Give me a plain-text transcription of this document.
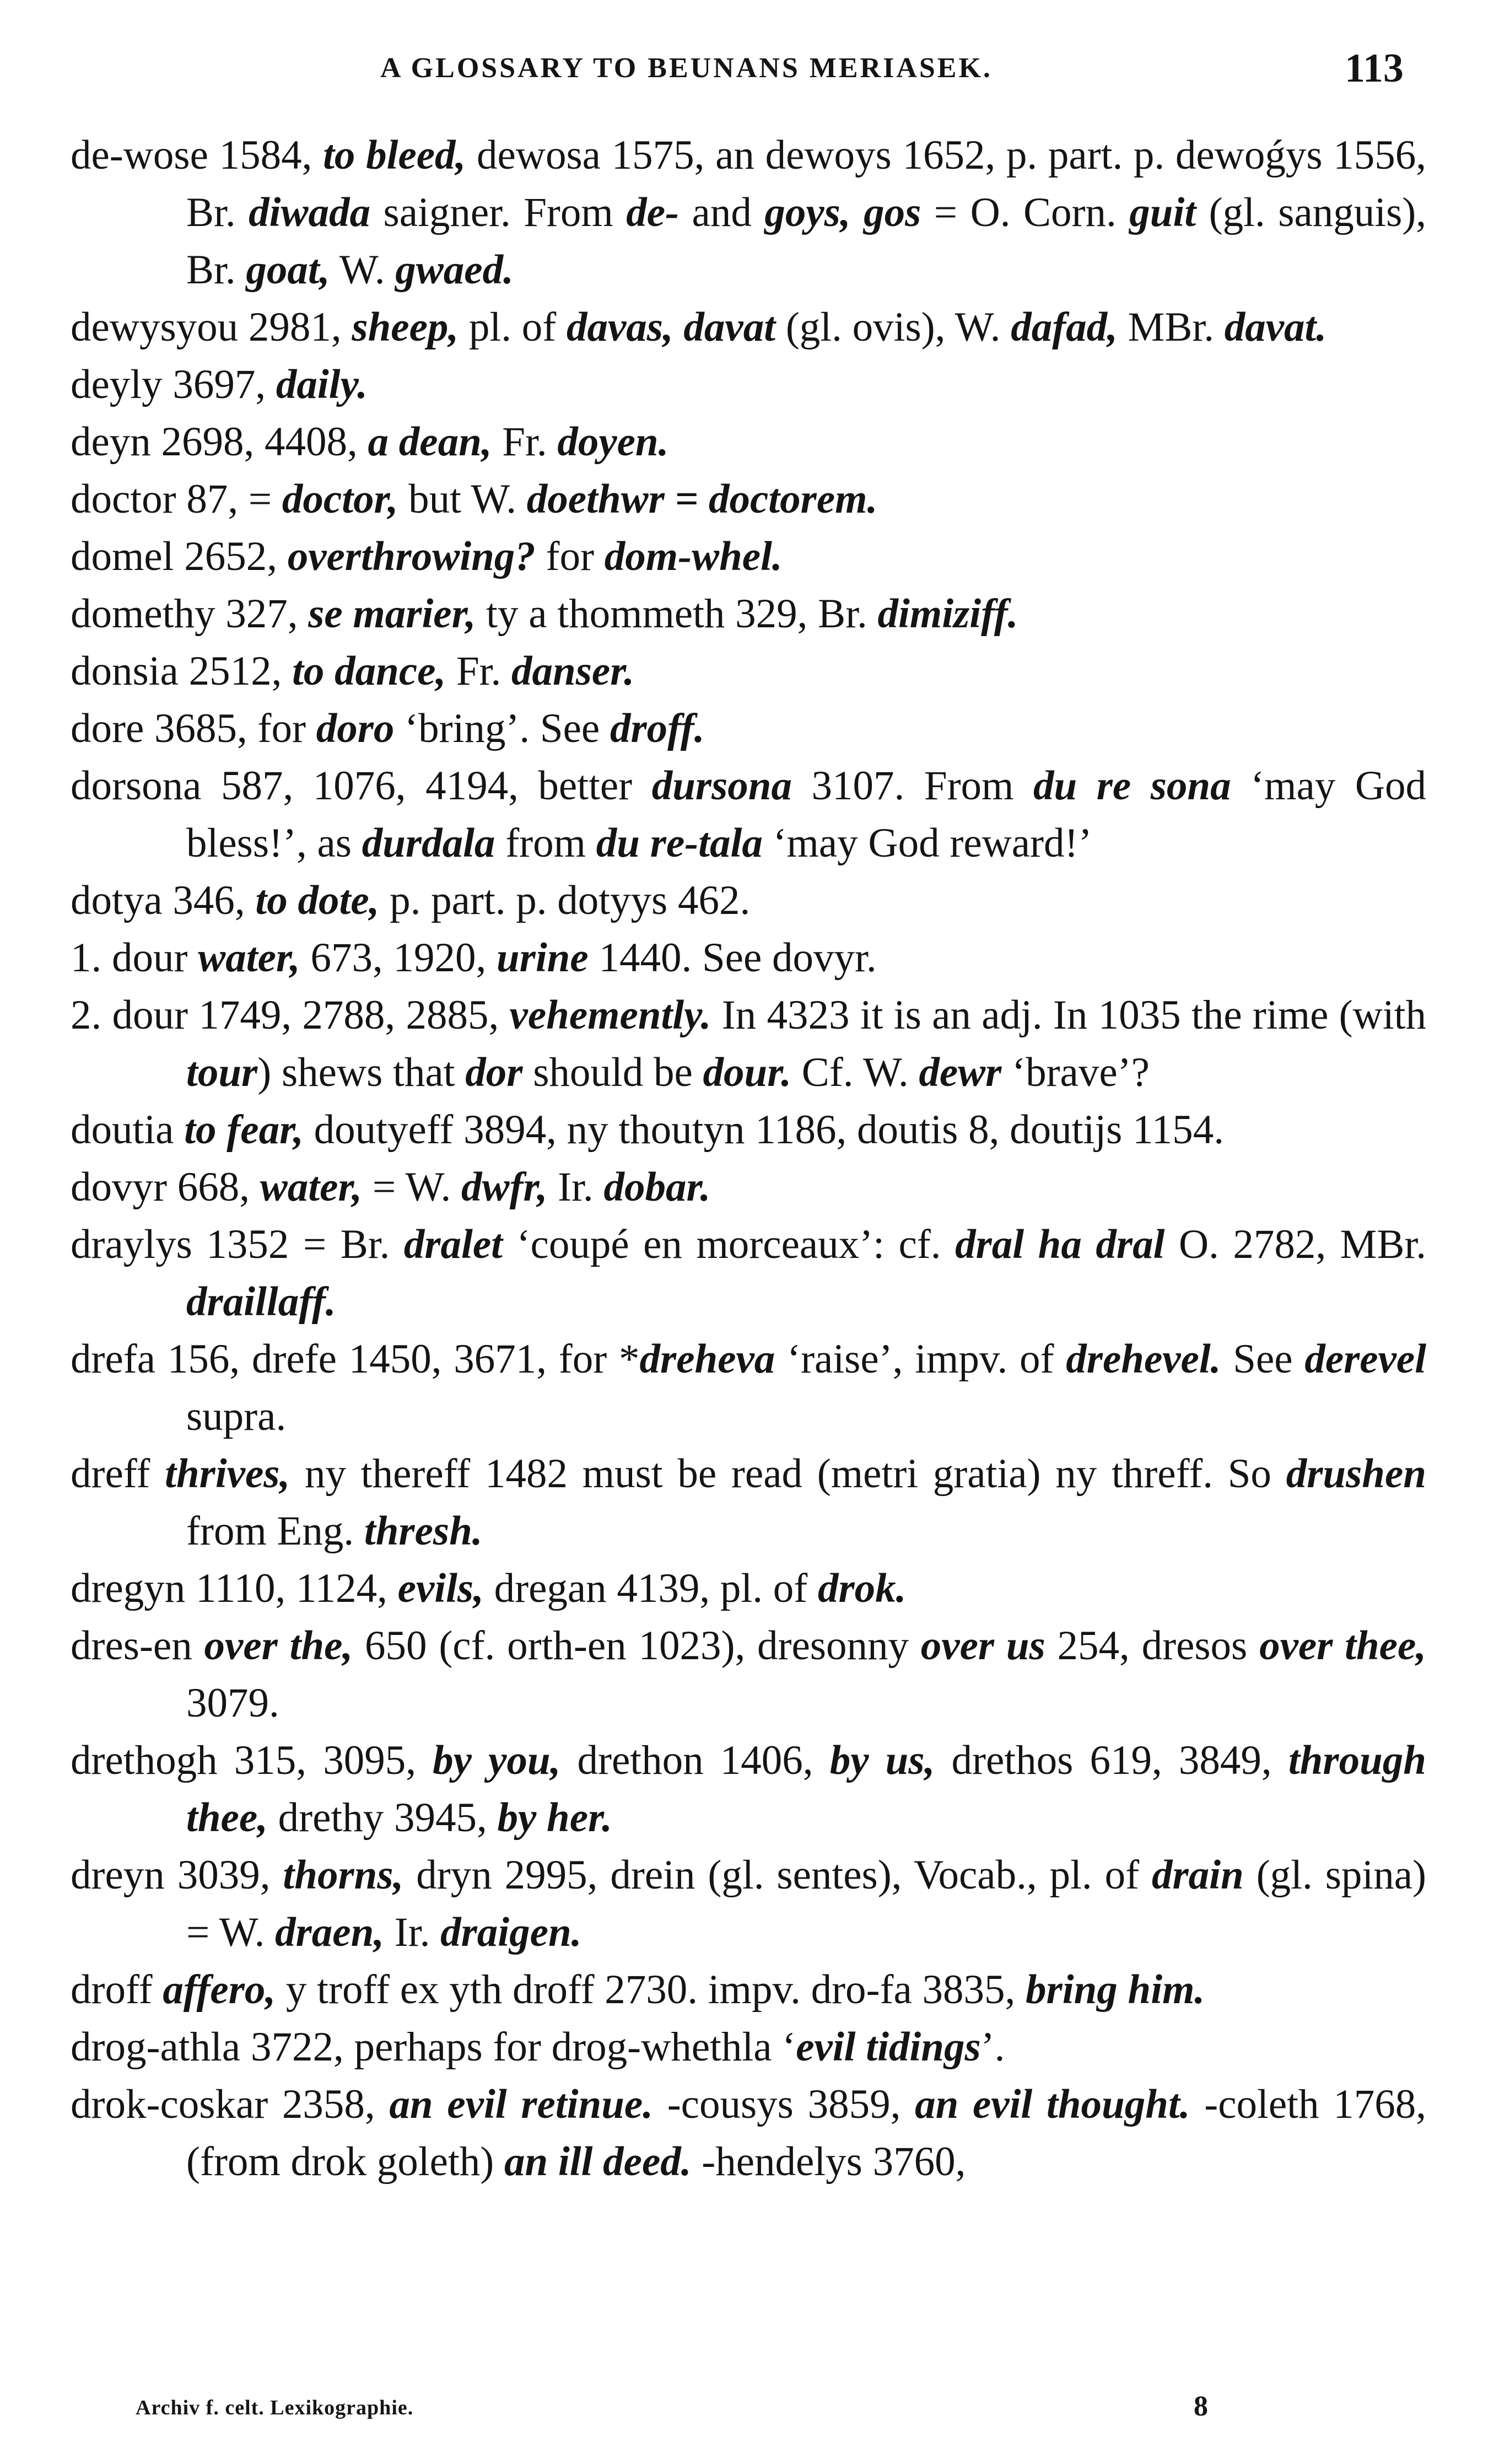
A GLOSSARY TO BEUNANS MERIASEK.	113
de-wose 1584, to bleed, dewosa 1575, an dewoys 1652, p. part. p. dewoǵys 1556, Br. diwada saigner. From de- and goys, gos = O. Corn. guit (gl. sanguis), Br. goat, W. gwaed.
dewysyou 2981, sheep, pl. of davas, davat (gl. ovis), W. dafad, MBr. davat.
deyly 3697, daily.
deyn 2698, 4408, a dean, Fr. doyen.
doctor 87, = doctor, but W. doethwr = doctorem.
domel 2652, overthrowing? for dom-whel.
domethy 327, se marier, ty a thommeth 329, Br. dimiziff.
donsia 2512, to dance, Fr. danser.
dore 3685, for doro ‘bring’. See droff.
dorsona 587, 1076, 4194, better dursona 3107. From du re sona ‘may God bless!’, as durdala from du re-tala ‘may God reward!’
dotya 346, to dote, p. part. p. dotyys 462.
1. dour water, 673, 1920, urine 1440. See dovyr.
2. dour 1749, 2788, 2885, vehemently. In 4323 it is an adj. In 1035 the rime (with tour) shews that dor should be dour. Cf. W. dewr ‘brave’?
doutia to fear, doutyeff 3894, ny thoutyn 1186, doutis 8, doutijs 1154.
dovyr 668, water, = W. dwfr, Ir. dobar.
draylys 1352 = Br. dralet ‘coupé en morceaux’: cf. dral ha dral O. 2782, MBr. draillaff.
drefa 156, drefe 1450, 3671, for *dreheva ‘raise’, impv. of drehevel. See derevel supra.
dreff thrives, ny thereff 1482 must be read (metri gratia) ny threff. So drushen from Eng. thresh.
dregyn 1110, 1124, evils, dregan 4139, pl. of drok.
dres-en over the, 650 (cf. orth-en 1023), dresonny over us 254, dresos over thee, 3079.
drethogh 315, 3095, by you, drethon 1406, by us, drethos 619, 3849, through thee, drethy 3945, by her.
dreyn 3039, thorns, dryn 2995, drein (gl. sentes), Vocab., pl. of drain (gl. spina) = W. draen, Ir. draigen.
droff affero, y troff ex yth droff 2730. impv. dro-fa 3835, bring him.
drog-athla 3722, perhaps for drog-whethla ‘evil tidings’.
drok-coskar 2358, an evil retinue. -cousys 3859, an evil thought. -coleth 1768, (from drok goleth) an ill deed. -hendelys 3760,
Archiv f. celt. Lexikographie.	8
